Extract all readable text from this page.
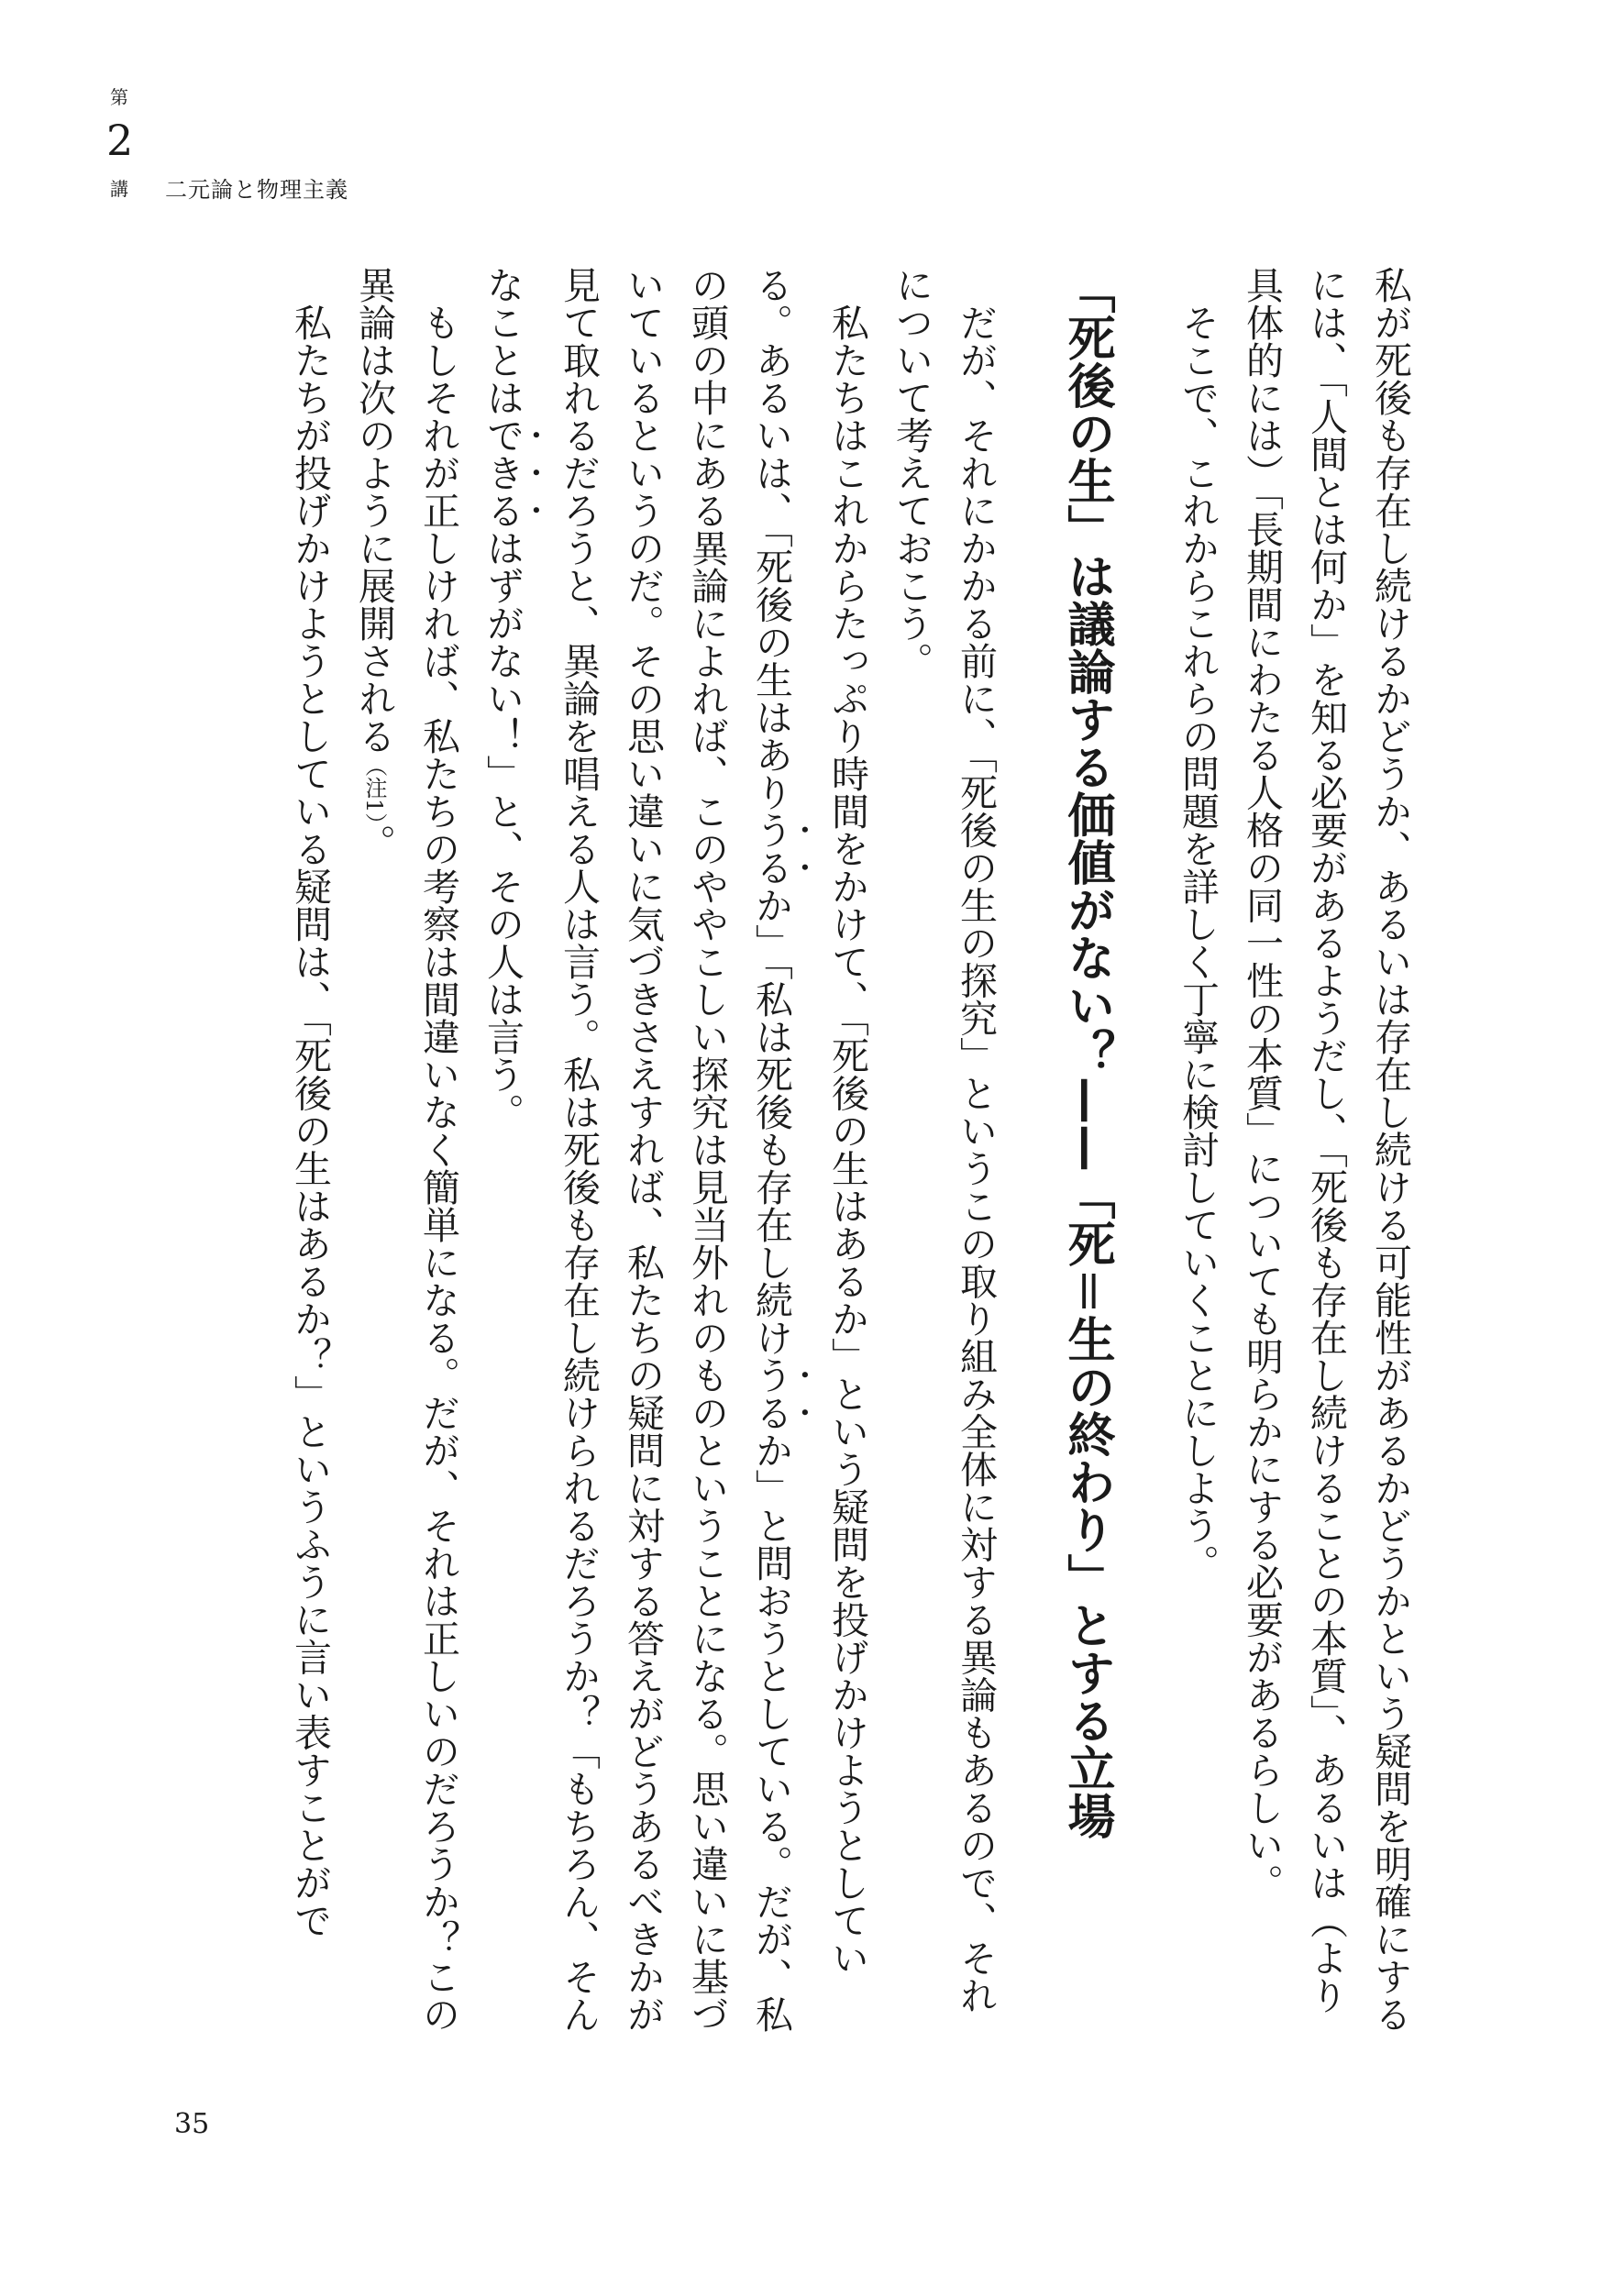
第
2
講 二元論と物理主義

私が死後も存在し続けるかどうか、あるいは存在し続ける可能性があるかどうかという疑問を明確にするには、「人間とは何か」を知る必要があるようだし、「死後も存在し続けることの本質」、あるいは（より具体的には）「長期間にわたる人格の同一性の本質」についても明らかにする必要があるらしい。

そこで、これからこれらの問題を詳しく丁寧に検討していくことにしよう。

「死後の生」は議論する価値がない？——「死＝生の終わり」とする立場

だが、それにかかる前に、「死後の生の探究」というこの取り組み全体に対する異論もあるので、それについて考えておこう。

私たちはこれからたっぷり時間をかけて、「死後の生はあるか」という疑問を投げかけようとしている。あるいは、「死後の生はありうるか」「私は死後も存在し続けうるか」と問おうとしている。だが、私の頭の中にある異論によれば、このややこしい探究は見当外れのものということになる。思い違いに基づいているというのだ。その思い違いに気づきさえすれば、私たちの疑問に対する答えがどうあるべきかが見て取れるだろうと、異論を唱える人は言う。私は死後も存在し続けられるだろうか？「もちろん、そんなことはできるはずがない！」と、その人は言う。

もしそれが正しければ、私たちの考察は間違いなく簡単になる。だが、それは正しいのだろうか？この異論は次のように展開される（注1）。

私たちが投げかけようとしている疑問は、「死後の生はあるか？」というふうに言い表すことがで

35
